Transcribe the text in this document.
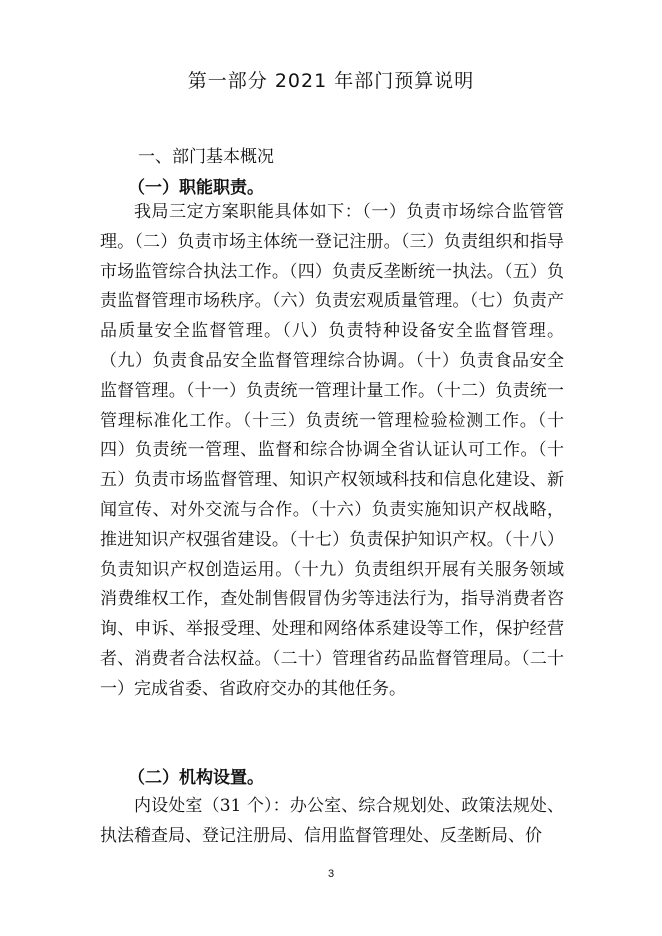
第一部分 2021 年部门预算说明
一、部门基本概况
（一）职能职责。
我局三定方案职能具体如下：（一）负责市场综合监管管理。（二）负责市场主体统一登记注册。（三）负责组织和指导市场监管综合执法工作。（四）负责反垄断统一执法。（五）负责监督管理市场秩序。（六）负责宏观质量管理。（七）负责产品质量安全监督管理。（八）负责特种设备安全监督管理。（九）负责食品安全监督管理综合协调。（十）负责食品安全监督管理。（十一）负责统一管理计量工作。（十二）负责统一管理标准化工作。（十三）负责统一管理检验检测工作。（十四）负责统一管理、监督和综合协调全省认证认可工作。（十五）负责市场监督管理、知识产权领域科技和信息化建设、新闻宣传、对外交流与合作。（十六）负责实施知识产权战略，推进知识产权强省建设。（十七）负责保护知识产权。（十八）负责知识产权创造运用。（十九）负责组织开展有关服务领域消费维权工作，查处制售假冒伪劣等违法行为，指导消费者咨询、申诉、举报受理、处理和网络体系建设等工作，保护经营者、消费者合法权益。（二十）管理省药品监督管理局。（二十一）完成省委、省政府交办的其他任务。
（二）机构设置。
内设处室（31 个）：办公室、综合规划处、政策法规处、执法稽查局、登记注册局、信用监督管理处、反垄断局、价
3
